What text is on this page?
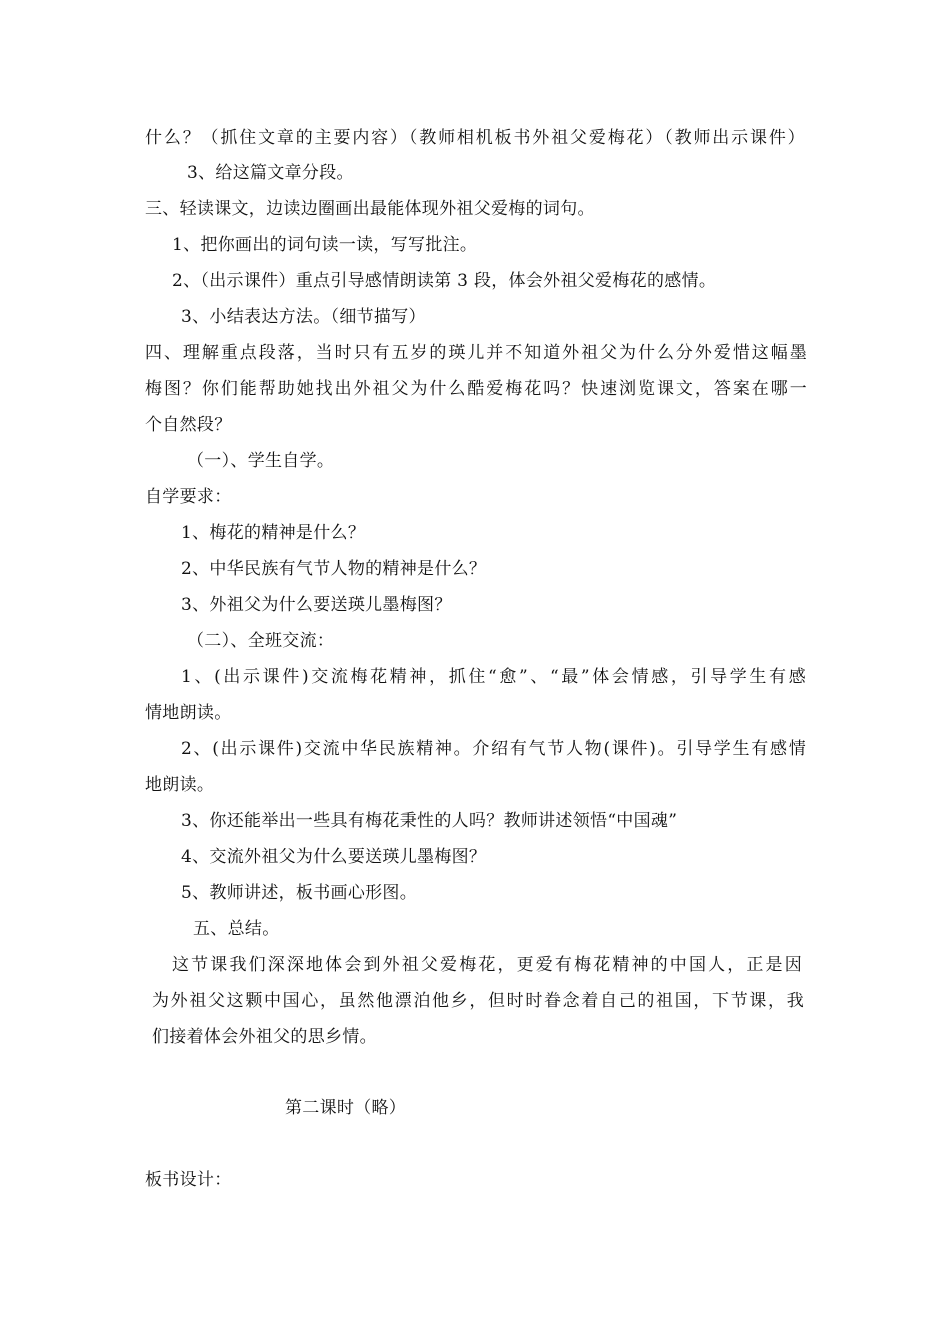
什么？（抓住文章的主要内容）（教师相机板书外祖父爱梅花）（教师出示课件）
3、给这篇文章分段。
三、轻读课文，边读边圈画出最能体现外祖父爱梅的词句。
1、把你画出的词句读一读，写写批注。
2、（出示课件）重点引导感情朗读第 3 段，体会外祖父爱梅花的感情。
3、小结表达方法。（细节描写）
四、理解重点段落，当时只有五岁的瑛儿并不知道外祖父为什么分外爱惜这幅墨
梅图？你们能帮助她找出外祖父为什么酷爱梅花吗？快速浏览课文，答案在哪一
个自然段？
（一）、学生自学。
自学要求：
1、梅花的精神是什么？
2、中华民族有气节人物的精神是什么？
3、外祖父为什么要送瑛儿墨梅图？
（二）、全班交流：
1、(出示课件)交流梅花精神，抓住“愈”、“最”体会情感，引导学生有感
情地朗读。
2、(出示课件)交流中华民族精神。介绍有气节人物(课件)。引导学生有感情
地朗读。
3、你还能举出一些具有梅花秉性的人吗？教师讲述领悟“中国魂”
4、交流外祖父为什么要送瑛儿墨梅图？
5、教师讲述，板书画心形图。
五、总结。
这节课我们深深地体会到外祖父爱梅花，更爱有梅花精神的中国人，正是因
为外祖父这颗中国心，虽然他漂泊他乡，但时时眷念着自己的祖国，下节课，我
们接着体会外祖父的思乡情。
第二课时（略）
板书设计：
